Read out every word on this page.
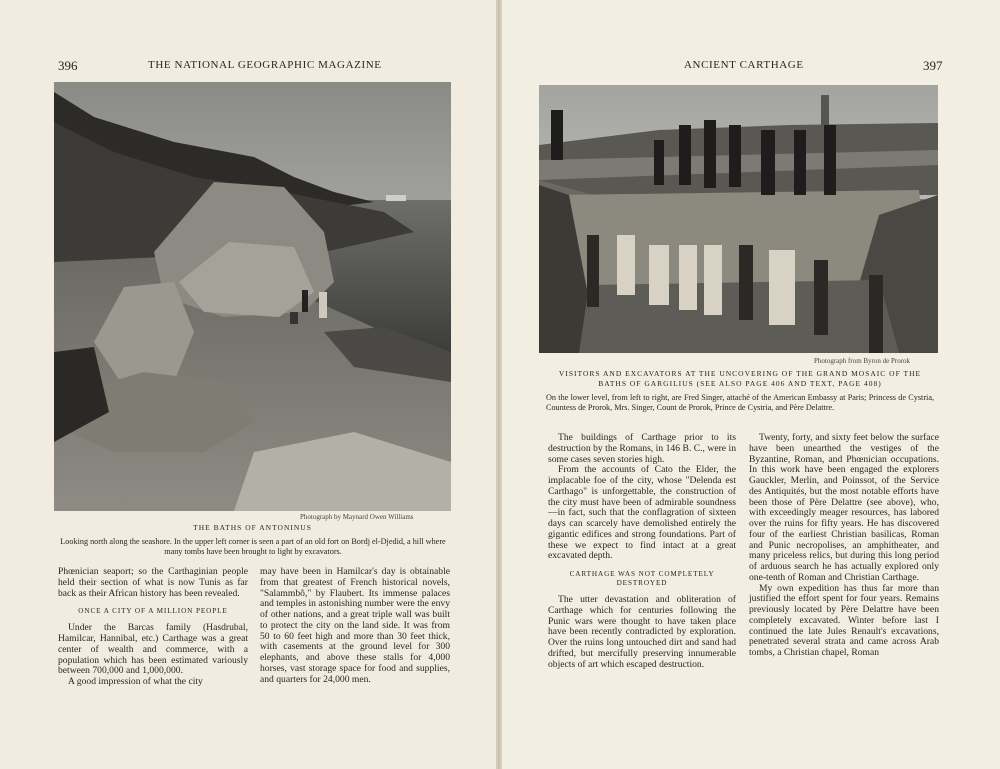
396	THE NATIONAL GEOGRAPHIC MAGAZINE
Photograph by Maynard Owen Williams
THE BATHS OF ANTONINUS
Looking north along the seashore. In the upper left corner is seen a part of an old fort on Bordj el-Djedid, a hill where many tombs have been brought to light by excavators.

Phœnician seaport; so the Carthaginian people held their section of what is now Tunis as far back as their African history has been revealed.

ONCE A CITY OF A MILLION PEOPLE

Under the Barcas family (Hasdrubal, Hamilcar, Hannibal, etc.) Carthage was a great center of wealth and commerce, with a population which has been estimated variously between 700,000 and 1,000,000.

A good impression of what the city

may have been in Hamilcar's day is obtainable from that greatest of French historical novels, "Salammbô," by Flaubert. Its immense palaces and temples in astonishing number were the envy of other nations, and a great triple wall was built to protect the city on the land side. It was from 50 to 60 feet high and more than 30 feet thick, with casements at the ground level for 300 elephants, and above these stalls for 4,000 horses, vast storage space for food and supplies, and quarters for 24,000 men.

ANCIENT CARTHAGE	397
Photograph from Byron de Prorok
VISITORS AND EXCAVATORS AT THE UNCOVERING OF THE GRAND MOSAIC OF THE BATHS OF GARGILIUS (SEE ALSO PAGE 406 AND TEXT, PAGE 408)
On the lower level, from left to right, are Fred Singer, attaché of the American Embassy at Paris; Princess de Cystria, Countess de Prorok, Mrs. Singer, Count de Prorok, Prince de Cystria, and Père Delattre.

The buildings of Carthage prior to its destruction by the Romans, in 146 B. C., were in some cases seven stories high.

From the accounts of Cato the Elder, the implacable foe of the city, whose "Delenda est Carthago" is unforgettable, the construction of the city must have been of admirable soundness—in fact, such that the conflagration of sixteen days can scarcely have demolished entirely the gigantic edifices and strong foundations. Part of these we expect to find intact at a great excavated depth.

CARTHAGE WAS NOT COMPLETELY DESTROYED

The utter devastation and obliteration of Carthage which for centuries following the Punic wars were thought to have taken place have been recently contradicted by exploration. Over the ruins long untouched dirt and sand had drifted, but mercifully preserving innumerable objects of art which escaped destruction.

Twenty, forty, and sixty feet below the surface have been unearthed the vestiges of the Byzantine, Roman, and Phœnician occupations. In this work have been engaged the explorers Gauckler, Merlin, and Poinssot, of the Service des Antiquités, but the most notable efforts have been those of Père Delattre (see above), who, with exceedingly meager resources, has labored over the ruins for fifty years. He has discovered four of the earliest Christian basilicas, Roman and Punic necropolises, an amphitheater, and many priceless relics, but during this long period of arduous search he has actually explored only one-tenth of Roman and Christian Carthage.

My own expedition has thus far more than justified the effort spent for four years. Remains previously located by Père Delattre have been completely excavated. Winter before last I continued the late Jules Renault's excavations, penetrated several strata and came across Arab tombs, a Christian chapel, Roman
